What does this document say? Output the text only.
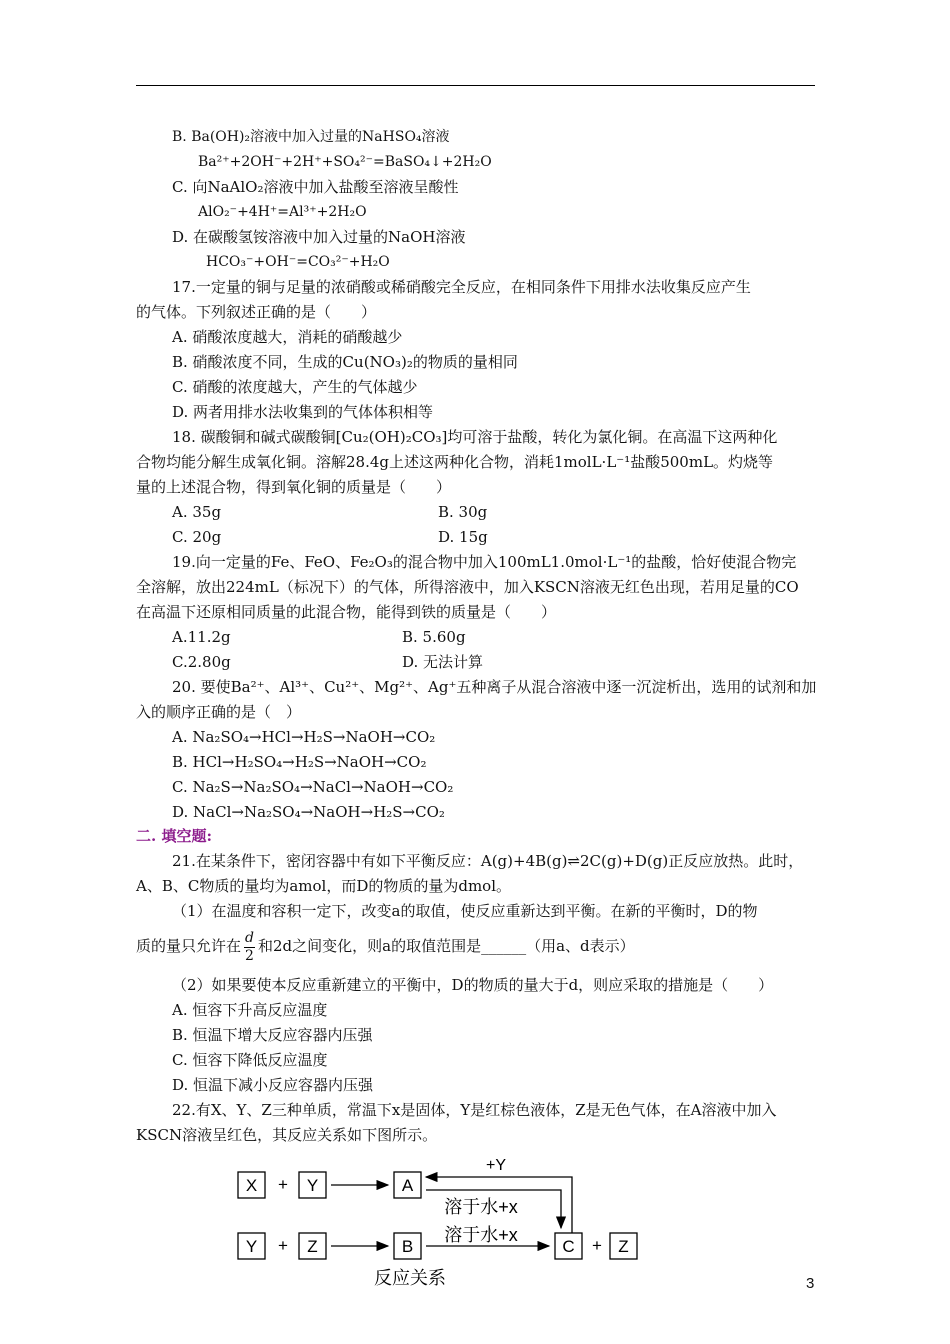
B. Ba(OH)₂溶液中加入过量的NaHSO₄溶液
Ba²⁺+2OH⁻+2H⁺+SO₄²⁻=BaSO₄↓+2H₂O
C. 向NaAlO₂溶液中加入盐酸至溶液呈酸性
AlO₂⁻+4H⁺=Al³⁺+2H₂O
D. 在碳酸氢铵溶液中加入过量的NaOH溶液
HCO₃⁻+OH⁻=CO₃²⁻+H₂O
17.一定量的铜与足量的浓硝酸或稀硝酸完全反应，在相同条件下用排水法收集反应产生
的气体。下列叙述正确的是（　　）
A. 硝酸浓度越大，消耗的硝酸越少
B. 硝酸浓度不同，生成的Cu(NO₃)₂的物质的量相同
C. 硝酸的浓度越大，产生的气体越少
D. 两者用排水法收集到的气体体积相等
18. 碳酸铜和碱式碳酸铜[Cu₂(OH)₂CO₃]均可溶于盐酸，转化为氯化铜。在高温下这两种化
合物均能分解生成氧化铜。溶解28.4g上述这两种化合物，消耗1molL·L⁻¹盐酸500mL。灼烧等
量的上述混合物，得到氧化铜的质量是（　　）
A. 35g	B. 30g
C. 20g	D. 15g
19.向一定量的Fe、FeO、Fe₂O₃的混合物中加入100mL1.0mol·L⁻¹的盐酸，恰好使混合物完
全溶解，放出224mL（标况下）的气体，所得溶液中，加入KSCN溶液无红色出现，若用足量的CO
在高温下还原相同质量的此混合物，能得到铁的质量是（　　）
A.11.2g	B. 5.60g
C.2.80g	D. 无法计算
20. 要使Ba²⁺、Al³⁺、Cu²⁺、Mg²⁺、Ag⁺五种离子从混合溶液中逐一沉淀析出，选用的试剂和加
入的顺序正确的是（　）
A. Na₂SO₄→HCl→H₂S→NaOH→CO₂
B. HCl→H₂SO₄→H₂S→NaOH→CO₂
C. Na₂S→Na₂SO₄→NaCl→NaOH→CO₂
D. NaCl→Na₂SO₄→NaOH→H₂S→CO₂
二. 填空题:
21.在某条件下，密闭容器中有如下平衡反应：A(g)+4B(g)⇌2C(g)+D(g)正反应放热。此时，
A、B、C物质的量均为amol，而D的物质的量为dmol。
（1）在温度和容积一定下，改变a的取值，使反应重新达到平衡。在新的平衡时，D的物
质的量只允许在 $\frac{d}{2}$ 和2d之间变化，则a的取值范围是______（用a、d表示）
（2）如果要使本反应重新建立的平衡中，D的物质的量大于d，则应采取的措施是（　　）
A. 恒容下升高反应温度
B. 恒温下增大反应容器内压强
C. 恒容下降低反应温度
D. 恒温下减小反应容器内压强
22.有X、Y、Z三种单质，常温下x是固体，Y是红棕色液体，Z是无色气体，在A溶液中加入
KSCN溶液呈红色，其反应关系如下图所示。
X + Y	A
+Y
溶于水+x
Y + Z	B
溶于水+x
C + Z
反应关系	3
